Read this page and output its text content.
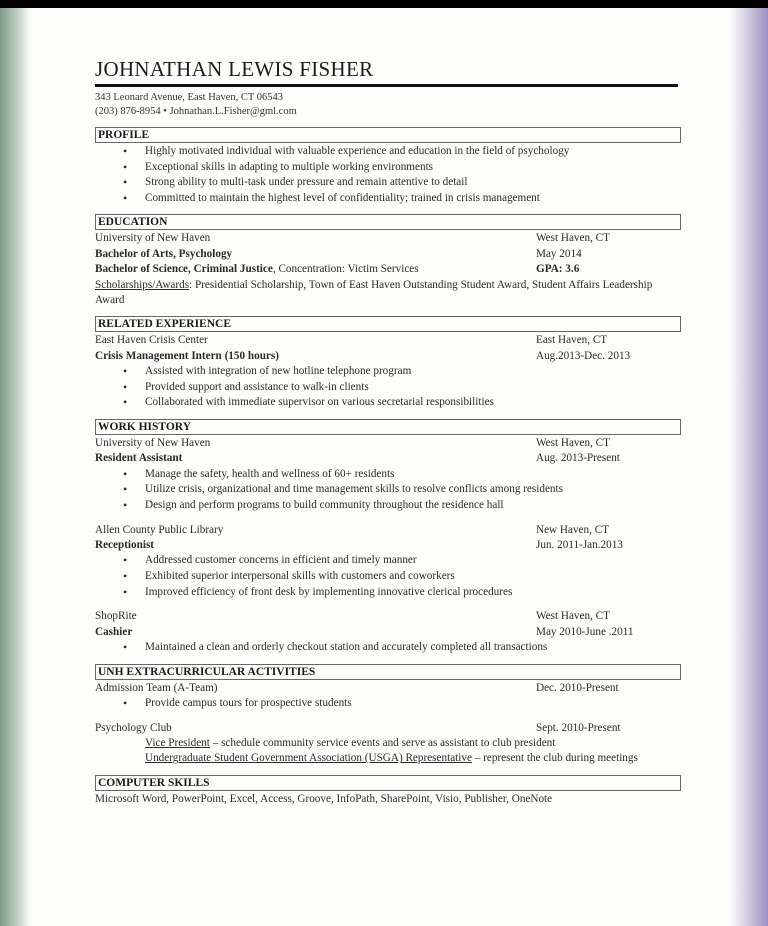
JOHNATHAN LEWIS FISHER
343 Leonard Avenue, East Haven, CT 06543
(203) 876-8954 • Johnathan.L.Fisher@gml.com
PROFILE
• Highly motivated individual with valuable experience and education in the field of psychology
• Exceptional skills in adapting to multiple working environments
• Strong ability to multi-task under pressure and remain attentive to detail
• Committed to maintain the highest level of confidentiality; trained in crisis management
EDUCATION
University of New Haven	West Haven, CT
Bachelor of Arts, Psychology	May 2014
Bachelor of Science, Criminal Justice, Concentration: Victim Services	GPA: 3.6
Scholarships/Awards: Presidential Scholarship, Town of East Haven Outstanding Student Award, Student Affairs Leadership Award
RELATED EXPERIENCE
East Haven Crisis Center	East Haven, CT
Crisis Management Intern (150 hours)	Aug.2013-Dec. 2013
• Assisted with integration of new hotline telephone program
• Provided support and assistance to walk-in clients
• Collaborated with immediate supervisor on various secretarial responsibilities
WORK HISTORY
University of New Haven	West Haven, CT
Resident Assistant	Aug. 2013-Present
• Manage the safety, health and wellness of 60+ residents
• Utilize crisis, organizational and time management skills to resolve conflicts among residents
• Design and perform programs to build community throughout the residence hall
Allen County Public Library	New Haven, CT
Receptionist	Jun. 2011-Jan.2013
• Addressed customer concerns in efficient and timely manner
• Exhibited superior interpersonal skills with customers and coworkers
• Improved efficiency of front desk by implementing innovative clerical procedures
ShopRite	West Haven, CT
Cashier	May 2010-June .2011
• Maintained a clean and orderly checkout station and accurately completed all transactions
UNH EXTRACURRICULAR ACTIVITIES
Admission Team (A-Team)	Dec. 2010-Present
• Provide campus tours for prospective students
Psychology Club	Sept. 2010-Present
Vice President – schedule community service events and serve as assistant to club president
Undergraduate Student Government Association (USGA) Representative – represent the club during meetings
COMPUTER SKILLS
Microsoft Word, PowerPoint, Excel, Access, Groove, InfoPath, SharePoint, Visio, Publisher, OneNote
